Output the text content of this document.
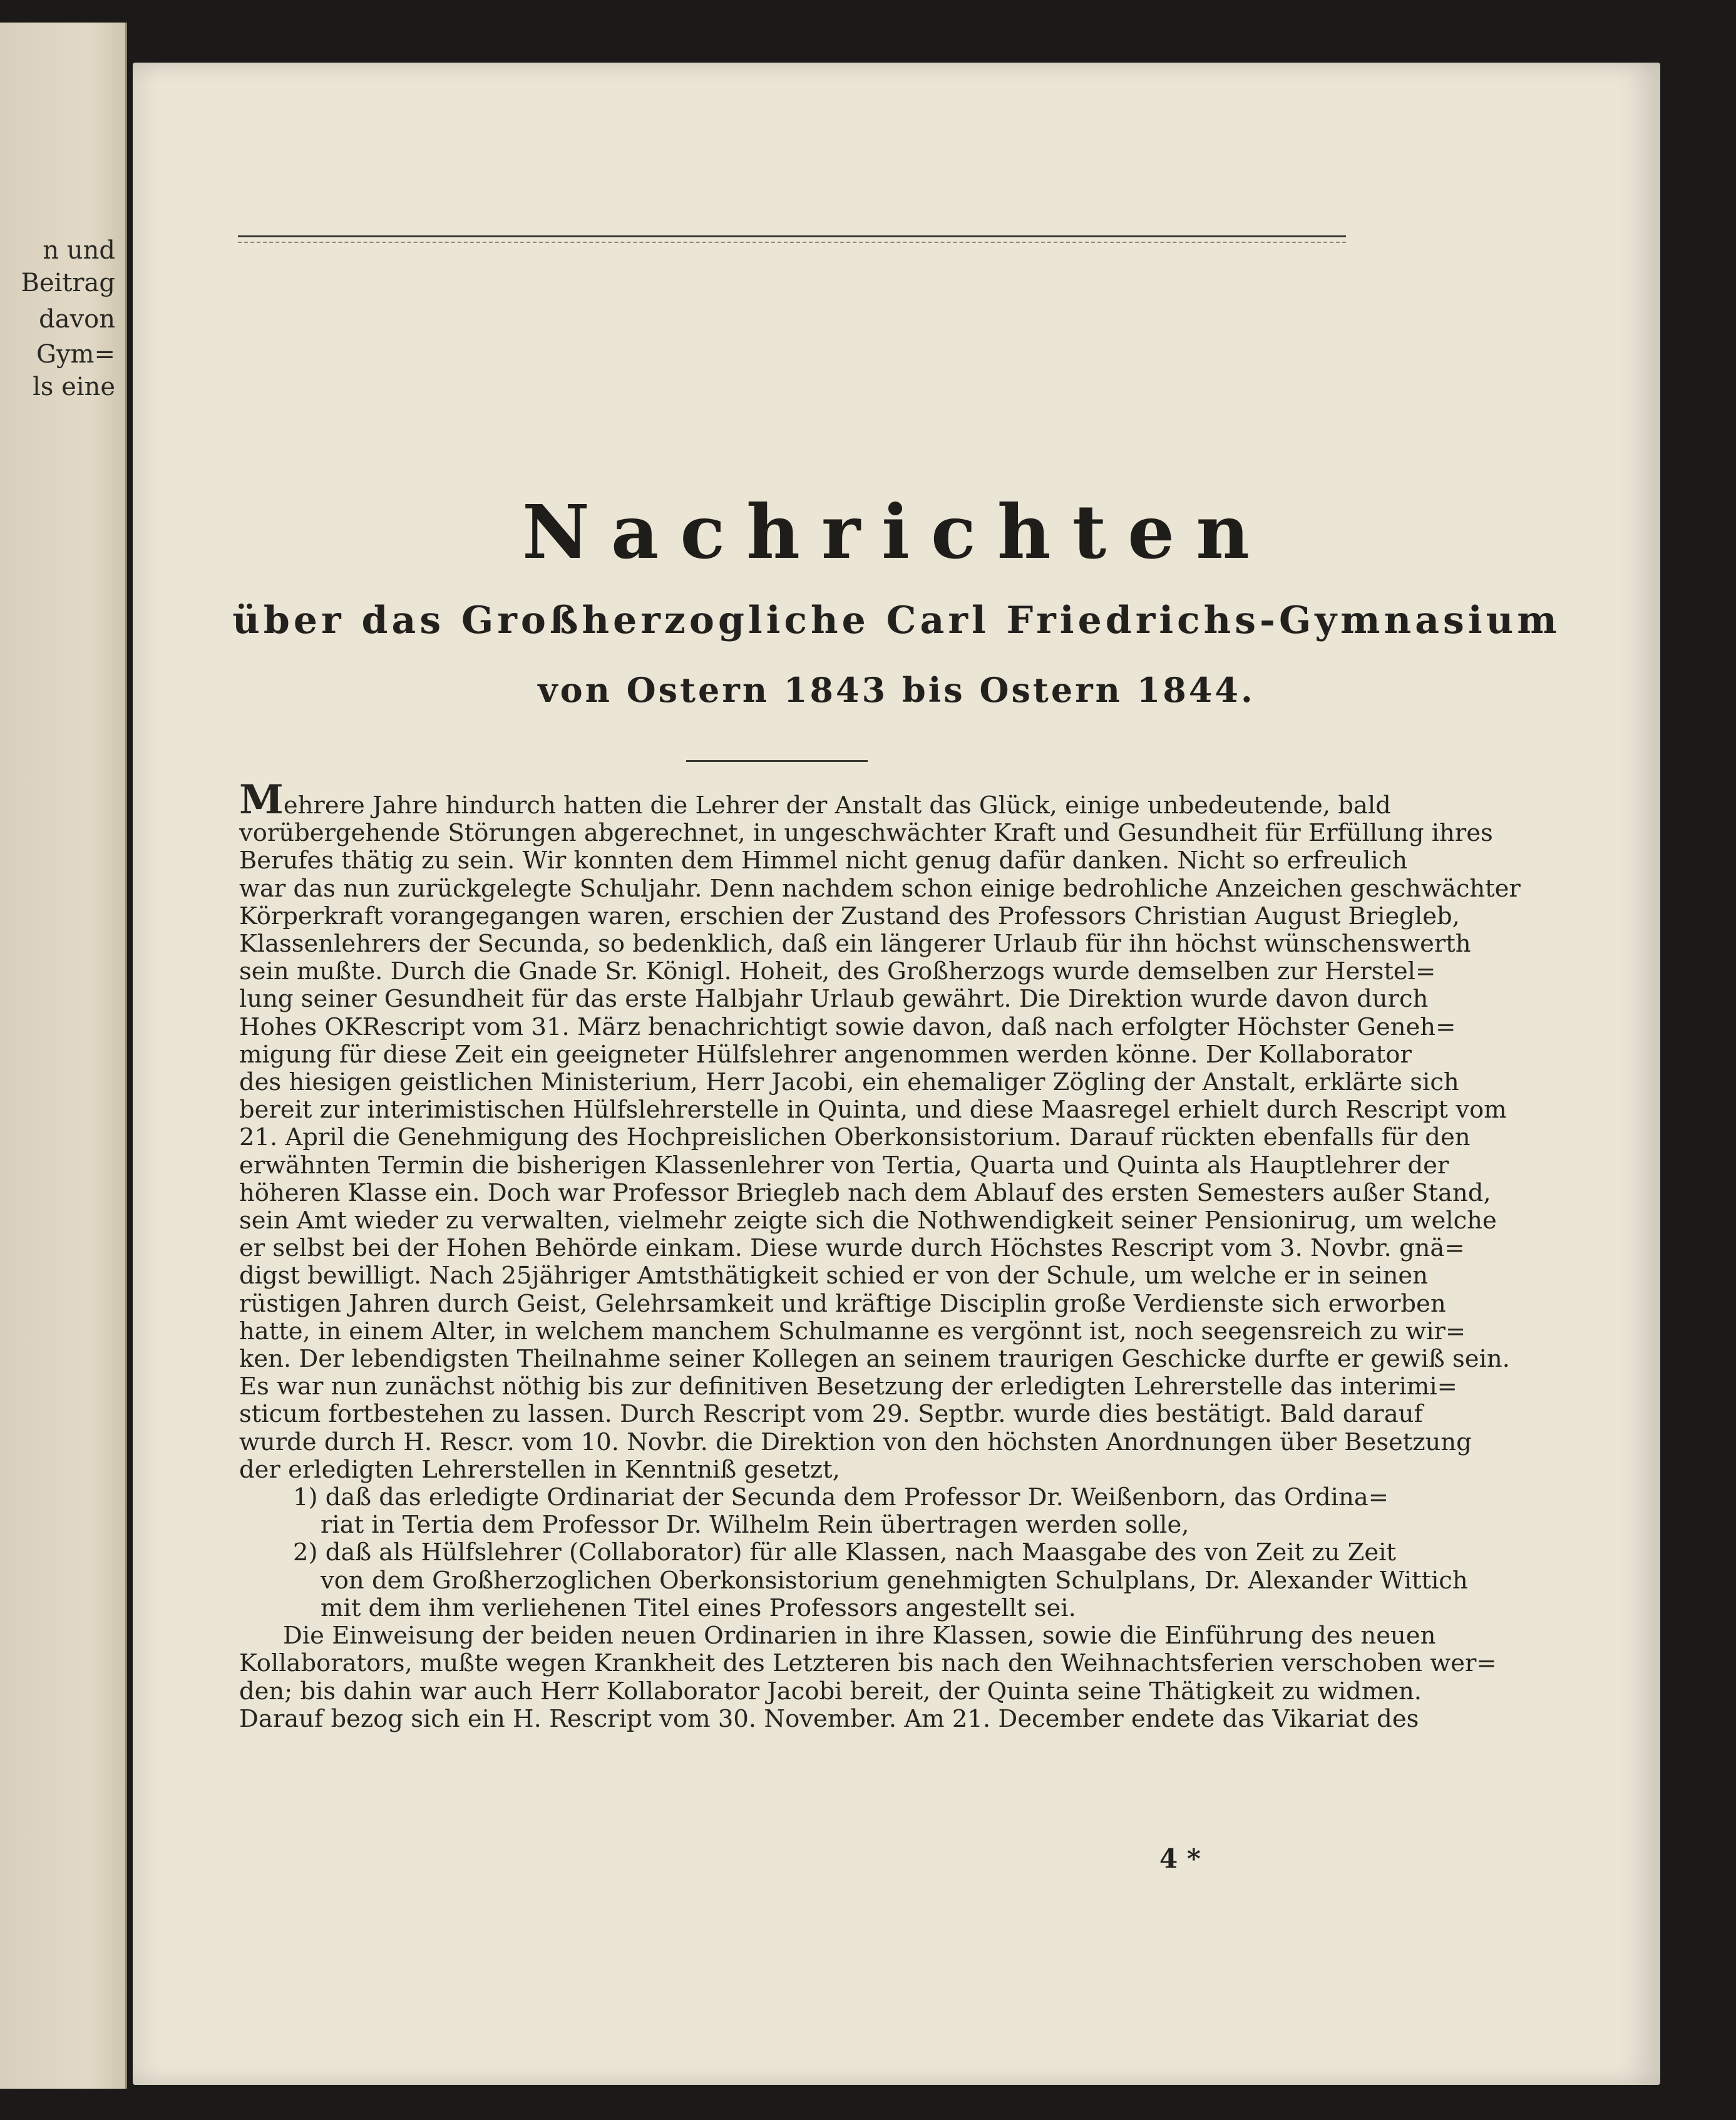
n und
Beitrag
davon
Gym=
ls eine
Nachrichten
über das Großherzogliche Carl Friedrichs-Gymnasium
von Ostern 1843 bis Ostern 1844.
Mehrere Jahre hindurch hatten die Lehrer der Anstalt das Glück, einige unbedeutende, bald
vorübergehende Störungen abgerechnet, in ungeschwächter Kraft und Gesundheit für Erfüllung ihres
Berufes thätig zu sein. Wir konnten dem Himmel nicht genug dafür danken. Nicht so erfreulich
war das nun zurückgelegte Schuljahr. Denn nachdem schon einige bedrohliche Anzeichen geschwächter
Körperkraft vorangegangen waren, erschien der Zustand des Professors Christian August Briegleb,
Klassenlehrers der Secunda, so bedenklich, daß ein längerer Urlaub für ihn höchst wünschenswerth
sein mußte. Durch die Gnade Sr. Königl. Hoheit, des Großherzogs wurde demselben zur Herstel=
lung seiner Gesundheit für das erste Halbjahr Urlaub gewährt. Die Direktion wurde davon durch
Hohes OKRescript vom 31. März benachrichtigt sowie davon, daß nach erfolgter Höchster Geneh=
migung für diese Zeit ein geeigneter Hülfslehrer angenommen werden könne. Der Kollaborator
des hiesigen geistlichen Ministerium, Herr Jacobi, ein ehemaliger Zögling der Anstalt, erklärte sich
bereit zur interimistischen Hülfslehrerstelle in Quinta, und diese Maasregel erhielt durch Rescript vom
21. April die Genehmigung des Hochpreislichen Oberkonsistorium. Darauf rückten ebenfalls für den
erwähnten Termin die bisherigen Klassenlehrer von Tertia, Quarta und Quinta als Hauptlehrer der
höheren Klasse ein. Doch war Professor Briegleb nach dem Ablauf des ersten Semesters außer Stand,
sein Amt wieder zu verwalten, vielmehr zeigte sich die Nothwendigkeit seiner Pensionirug, um welche
er selbst bei der Hohen Behörde einkam. Diese wurde durch Höchstes Rescript vom 3. Novbr. gnä=
digst bewilligt. Nach 25jähriger Amtsthätigkeit schied er von der Schule, um welche er in seinen
rüstigen Jahren durch Geist, Gelehrsamkeit und kräftige Disciplin große Verdienste sich erworben
hatte, in einem Alter, in welchem manchem Schulmanne es vergönnt ist, noch seegensreich zu wir=
ken. Der lebendigsten Theilnahme seiner Kollegen an seinem traurigen Geschicke durfte er gewiß sein.
Es war nun zunächst nöthig bis zur definitiven Besetzung der erledigten Lehrerstelle das interimi=
sticum fortbestehen zu lassen. Durch Rescript vom 29. Septbr. wurde dies bestätigt. Bald darauf
wurde durch H. Rescr. vom 10. Novbr. die Direktion von den höchsten Anordnungen über Besetzung
der erledigten Lehrerstellen in Kenntniß gesetzt,
1) daß das erledigte Ordinariat der Secunda dem Professor Dr. Weißenborn, das Ordina=
riat in Tertia dem Professor Dr. Wilhelm Rein übertragen werden solle,
2) daß als Hülfslehrer (Collaborator) für alle Klassen, nach Maasgabe des von Zeit zu Zeit
von dem Großherzoglichen Oberkonsistorium genehmigten Schulplans, Dr. Alexander Wittich
mit dem ihm verliehenen Titel eines Professors angestellt sei.
Die Einweisung der beiden neuen Ordinarien in ihre Klassen, sowie die Einführung des neuen
Kollaborators, mußte wegen Krankheit des Letzteren bis nach den Weihnachtsferien verschoben wer=
den; bis dahin war auch Herr Kollaborator Jacobi bereit, der Quinta seine Thätigkeit zu widmen.
Darauf bezog sich ein H. Rescript vom 30. November. Am 21. December endete das Vikariat des
4 *
